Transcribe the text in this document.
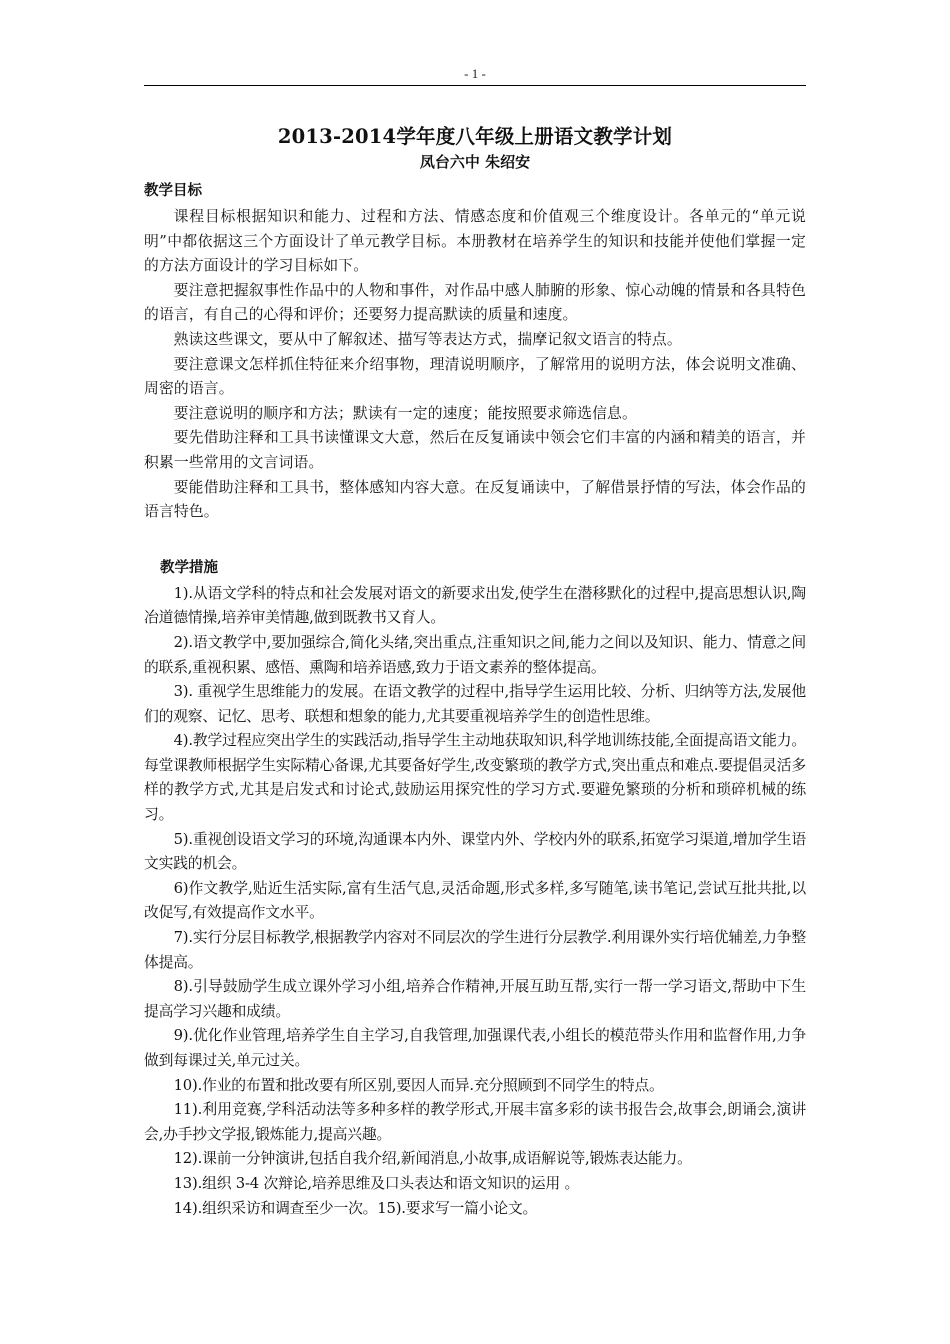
- 1 -
2013-2014学年度八年级上册语文教学计划
凤台六中 朱绍安
教学目标

课程目标根据知识和能力、过程和方法、情感态度和价值观三个维度设计。各单元的“单元说明”中都依据这三个方面设计了单元教学目标。本册教材在培养学生的知识和技能并使他们掌握一定的方法方面设计的学习目标如下。

要注意把握叙事性作品中的人物和事件，对作品中感人肺腑的形象、惊心动魄的情景和各具特色的语言，有自己的心得和评价；还要努力提高默读的质量和速度。

熟读这些课文，要从中了解叙述、描写等表达方式，揣摩记叙文语言的特点。

要注意课文怎样抓住特征来介绍事物，理清说明顺序，了解常用的说明方法，体会说明文准确、周密的语言。

要注意说明的顺序和方法；默读有一定的速度；能按照要求筛选信息。

要先借助注释和工具书读懂课文大意，然后在反复诵读中领会它们丰富的内涵和精美的语言，并积累一些常用的文言词语。

要能借助注释和工具书，整体感知内容大意。在反复诵读中，了解借景抒情的写法，体会作品的语言特色。

教学措施

1).从语文学科的特点和社会发展对语文的新要求出发,使学生在潜移默化的过程中,提高思想认识,陶冶道德情操,培养审美情趣,做到既教书又育人。

2).语文教学中,要加强综合,简化头绪,突出重点,注重知识之间,能力之间以及知识、能力、情意之间的联系,重视积累、感悟、熏陶和培养语感,致力于语文素养的整体提高。

3). 重视学生思维能力的发展。在语文教学的过程中,指导学生运用比较、分析、归纳等方法,发展他们的观察、记忆、思考、联想和想象的能力,尤其要重视培养学生的创造性思维。

4).教学过程应突出学生的实践活动,指导学生主动地获取知识,科学地训练技能,全面提高语文能力。每堂课教师根据学生实际精心备课,尤其要备好学生,改变繁琐的教学方式,突出重点和难点.要提倡灵活多样的教学方式,尤其是启发式和讨论式,鼓励运用探究性的学习方式.要避免繁琐的分析和琐碎机械的练习。

5).重视创设语文学习的环境,沟通课本内外、课堂内外、学校内外的联系,拓宽学习渠道,增加学生语文实践的机会。

6)作文教学,贴近生活实际,富有生活气息,灵活命题,形式多样,多写随笔,读书笔记,尝试互批共批,以改促写,有效提高作文水平。

7).实行分层目标教学,根据教学内容对不同层次的学生进行分层教学.利用课外实行培优辅差,力争整体提高。

8).引导鼓励学生成立课外学习小组,培养合作精神,开展互助互帮,实行一帮一学习语文,帮助中下生提高学习兴趣和成绩。

9).优化作业管理,培养学生自主学习,自我管理,加强课代表,小组长的模范带头作用和监督作用,力争做到每课过关,单元过关。

10).作业的布置和批改要有所区别,要因人而异.充分照顾到不同学生的特点。

11).利用竞赛,学科活动法等多种多样的教学形式,开展丰富多彩的读书报告会,故事会,朗诵会,演讲会,办手抄文学报,锻炼能力,提高兴趣。

12).课前一分钟演讲,包括自我介绍,新闻消息,小故事,成语解说等,锻炼表达能力。

13).组织 3-4 次辩论,培养思维及口头表达和语文知识的运用 。

14).组织采访和调查至少一次。15).要求写一篇小论文。
